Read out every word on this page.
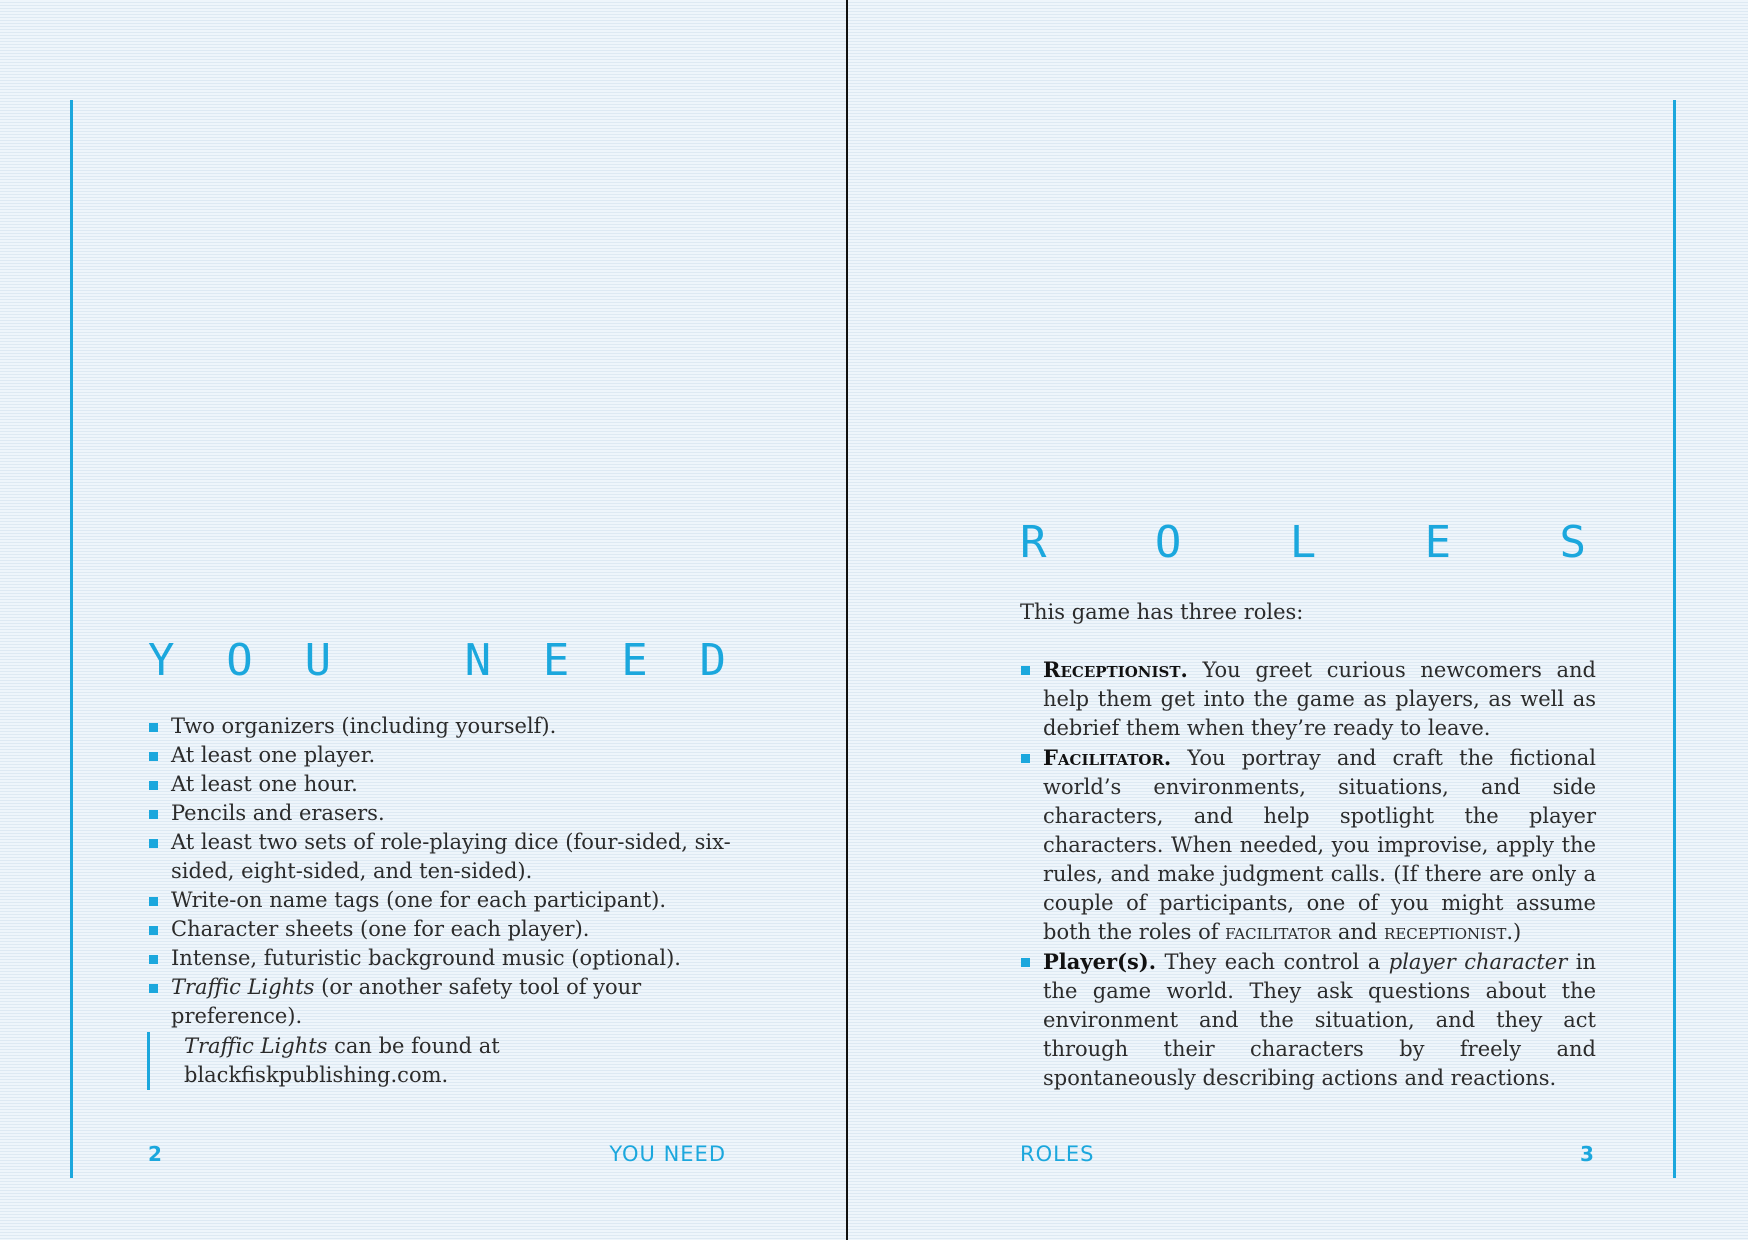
Y O U	N E E D
Two organizers (including yourself).
At least one player.
At least one hour.
Pencils and erasers.
At least two sets of role-playing dice (four-sided, six-sided, eight-sided, and ten-sided).
Write-on name tags (one for each participant).
Character sheets (one for each player).
Intense, futuristic background music (optional).
Traffic Lights (or another safety tool of your preference).

Traffic Lights can be found at

blackfiskpublishing.com.

2	YOU NEED
R O L E S

This game has three roles:

Receptionist. You greet curious newcomers and help them get into the game as players, as well as debrief them when they’re ready to leave.
Facilitator. You portray and craft the fictional world’s environments, situations, and side characters, and help spotlight the player characters. When needed, you improvise, apply the rules, and make judgment calls. (If there are only a couple of participants, one of you might assume both the roles of facilitator and receptionist.)
Player(s). They each control a player character in the game world. They ask questions about the environment and the situation, and they act through their characters by freely and spontaneously describing actions and reactions.
ROLES	3
